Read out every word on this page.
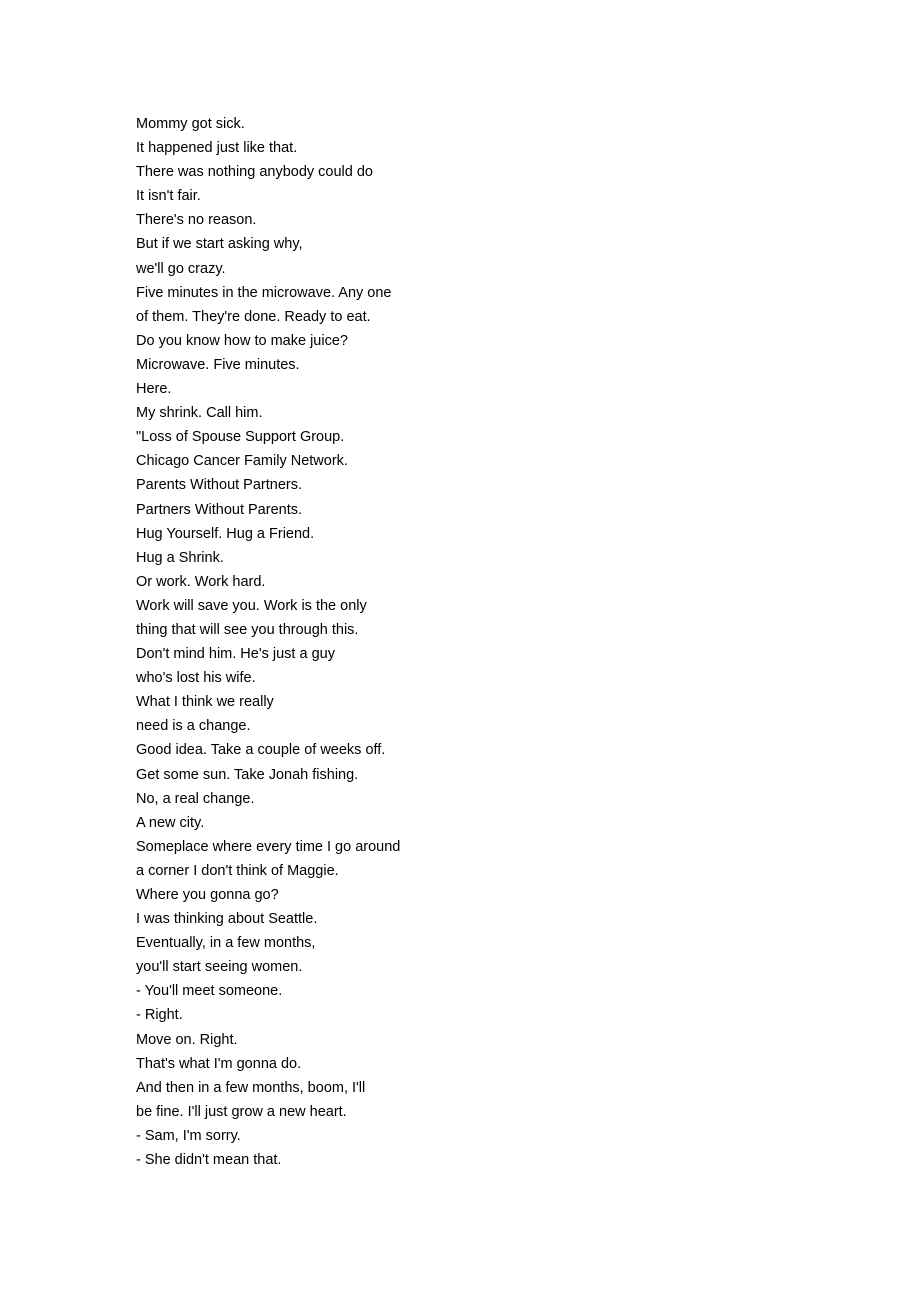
Mommy got sick.

It happened just like that.

There was nothing anybody could do

It isn't fair.

There's no reason.

But if we start asking why,

we'll go crazy.

Five minutes in the microwave. Any one

of them. They're done. Ready to eat.

Do you know how to make juice?

Microwave. Five minutes.

Here.

My shrink. Call him.

"Loss of Spouse Support Group.

Chicago Cancer Family Network.

Parents Without Partners.

Partners Without Parents.

Hug Yourself. Hug a Friend.

Hug a Shrink.

Or work. Work hard.

Work will save you. Work is the only

thing that will see you through this.

Don't mind him. He's just a guy

who's lost his wife.

What I think we really

need is a change.

Good idea. Take a couple of weeks off.

Get some sun. Take Jonah fishing.

No, a real change.

A new city.

Someplace where every time I go around

a corner I don't think of Maggie.

Where you gonna go?

I was thinking about Seattle.

Eventually, in a few months,

you'll start seeing women.

- You'll meet someone.

- Right.

Move on. Right.

That's what I'm gonna do.

And then in a few months, boom, I'll

be fine. I'll just grow a new heart.

- Sam, I'm sorry.

- She didn't mean that.
